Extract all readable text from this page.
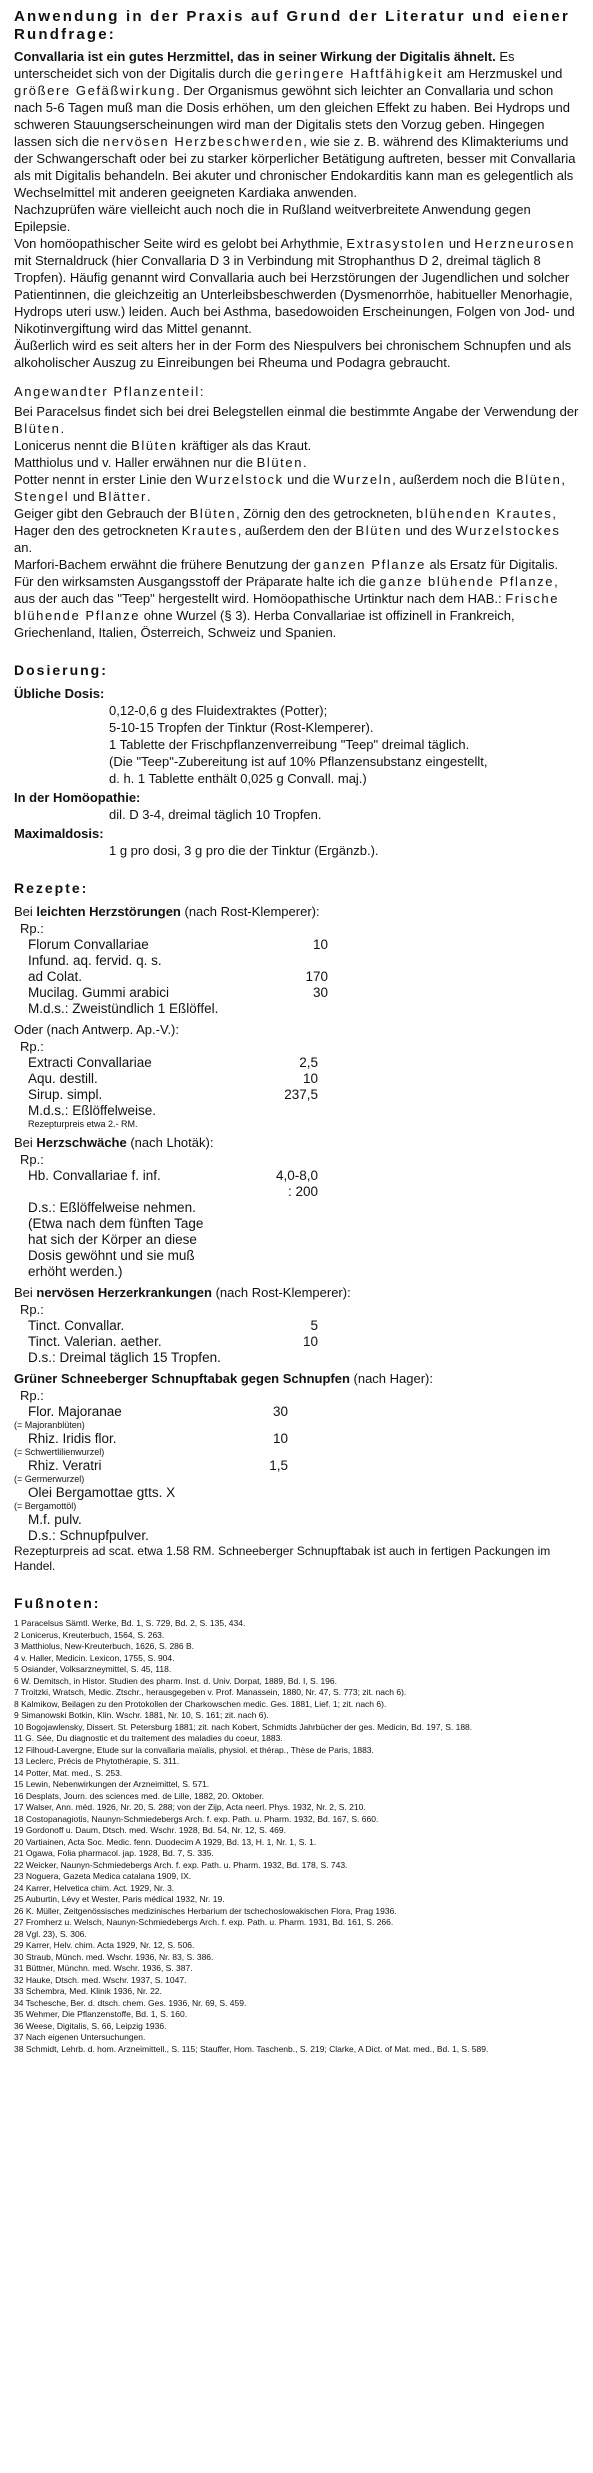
Anwendung in der Praxis auf Grund der Literatur und eiener Rundfrage:

Convallaria ist ein gutes Herzmittel, das in seiner Wirkung der Digitalis ähnelt. Es unterscheidet sich von der Digitalis durch die geringere Haftfähigkeit am Herzmuskel und größere Gefäßwirkung. Der Organismus gewöhnt sich leichter an Convallaria und schon nach 5-6 Tagen muß man die Dosis erhöhen, um den gleichen Effekt zu haben. Bei Hydrops und schweren Stauungserscheinungen wird man der Digitalis stets den Vorzug geben. Hingegen lassen sich die nervösen Herzbeschwerden, wie sie z. B. während des Klimakteriums und der Schwangerschaft oder bei zu starker körperlicher Betätigung auftreten, besser mit Convallaria als mit Digitalis behandeln. Bei akuter und chronischer Endokarditis kann man es gelegentlich als Wechselmittel mit anderen geeigneten Kardiaka anwenden.

Nachzuprüfen wäre vielleicht auch noch die in Rußland weitverbreitete Anwendung gegen Epilepsie.

Von homöopathischer Seite wird es gelobt bei Arhythmie, Extrasystolen und Herzneurosen mit Sternaldruck (hier Convallaria D 3 in Verbindung mit Strophanthus D 2, dreimal täglich 8 Tropfen). Häufig genannt wird Convallaria auch bei Herzstörungen der Jugendlichen und solcher Patientinnen, die gleichzeitig an Unterleibsbeschwerden (Dysmenorrhöe, habitueller Menorhagie, Hydrops uteri usw.) leiden. Auch bei Asthma, basedowoiden Erscheinungen, Folgen von Jod- und Nikotinvergiftung wird das Mittel genannt.

Äußerlich wird es seit alters her in der Form des Niespulvers bei chronischem Schnupfen und als alkoholischer Auszug zu Einreibungen bei Rheuma und Podagra gebraucht.

Angewandter Pflanzenteil:

Bei Paracelsus findet sich bei drei Belegstellen einmal die bestimmte Angabe der Verwendung der Blüten.

Lonicerus nennt die Blüten kräftiger als das Kraut.

Matthiolus und v. Haller erwähnen nur die Blüten.

Potter nennt in erster Linie den Wurzelstock und die Wurzeln, außerdem noch die Blüten, Stengel und Blätter.

Geiger gibt den Gebrauch der Blüten, Zörnig den des getrockneten, blühenden Krautes, Hager den des getrockneten Krautes, außerdem den der Blüten und des Wurzelstockes an.

Marfori-Bachem erwähnt die frühere Benutzung der ganzen Pflanze als Ersatz für Digitalis.

Für den wirksamsten Ausgangsstoff der Präparate halte ich die ganze blühende Pflanze, aus der auch das "Teep" hergestellt wird. Homöopathische Urtinktur nach dem HAB.: Frische blühende Pflanze ohne Wurzel (§ 3). Herba Convallariae ist offizinell in Frankreich, Griechenland, Italien, Österreich, Schweiz und Spanien.

Dosierung:

Übliche Dosis:

0,12-0,6 g des Fluidextraktes (Potter);

5-10-15 Tropfen der Tinktur (Rost-Klemperer).

1 Tablette der Frischpflanzenverreibung "Teep" dreimal täglich.

(Die "Teep"-Zubereitung ist auf 10% Pflanzensubstanz eingestellt,

d. h. 1 Tablette enthält 0,025 g Convall. maj.)

In der Homöopathie:

dil. D 3-4, dreimal täglich 10 Tropfen.

Maximaldosis:

1 g pro dosi, 3 g pro die der Tinktur (Ergänzb.).

Rezepte:

Bei leichten Herzstörungen (nach Rost-Klemperer):

Rp.:

Florum Convallariae	10
Infund. aq. fervid. q. s.	
ad Colat.	170
Mucilag. Gummi arabici	30
M.d.s.: Zweistündlich 1 Eßlöffel.	

Oder (nach Antwerp. Ap.-V.):

Rp.:

Extracti Convallariae	2,5
Aqu. destill.	10
Sirup. simpl.	237,5
M.d.s.: Eßlöffelweise.	

Rezepturpreis etwa 2.- RM.

Bei Herzschwäche (nach Lhotäk):

Rp.:

Hb. Convallariae f. inf.	4,0-8,0
	: 200
D.s.: Eßlöffelweise nehmen.	
(Etwa nach dem fünften Tage	
hat sich der Körper an diese	
Dosis gewöhnt und sie muß	
erhöht werden.)	

Bei nervösen Herzerkrankungen (nach Rost-Klemperer):

Rp.:

Tinct. Convallar.	5
Tinct. Valerian. aether.	10
D.s.: Dreimal täglich 15 Tropfen.	

Grüner Schneeberger Schnupftabak gegen Schnupfen (nach Hager):

Rp.:

Flor. Majoranae	30

(= Majoranblüten)

Rhiz. Iridis flor.	10

(= Schwertlilienwurzel)

Rhiz. Veratri	1,5

(= Germerwurzel)

Olei Bergamottae gtts. X

(= Bergamottöl)

M.f. pulv.
D.s.: Schnupfpulver.

Rezepturpreis ad scat. etwa 1.58 RM. Schneeberger Schnupftabak ist auch in fertigen Packungen im Handel.

Fußnoten:

1 Paracelsus Sämtl. Werke, Bd. 1, S. 729, Bd. 2, S. 135, 434.

2 Lonicerus, Kreuterbuch, 1564, S. 263.

3 Matthiolus, New-Kreuterbuch, 1626, S. 286 B.

4 v. Haller, Medicin. Lexicon, 1755, S. 904.

5 Osiander, Volksarzneymittel, S. 45, 118.

6 W. Demitsch, in Histor. Studien des pharm. Inst. d. Univ. Dorpat, 1889, Bd. I, S. 196.

7 Troitzki, Wratsch, Medic. Ztschr., herausgegeben v. Prof. Manassein, 1880, Nr. 47, S. 773; zit. nach 6).

8 Kalmikow, Beilagen zu den Protokollen der Charkowschen medic. Ges. 1881, Lief. 1; zit. nach 6).

9 Simanowski Botkin, Klin. Wschr. 1881, Nr. 10, S. 161; zit. nach 6).

10 Bogojawlensky, Dissert. St. Petersburg 1881; zit. nach Kobert, Schmidts Jahrbücher der ges. Medicin, Bd. 197, S. 188.

11 G. Sée, Du diagnostic et du traitement des maladies du coeur, 1883.

12 Filhoud-Lavergne, Etude sur la convallaria maïalis, physiol. et thérap., Thèse de Paris, 1883.

13 Leclerc, Précis de Phytothérapie, S. 311.

14 Potter, Mat. med., S. 253.

15 Lewin, Nebenwirkungen der Arzneimittel, S. 571.

16 Desplats, Journ. des sciences med. de Lille, 1882, 20. Oktober.

17 Walser, Ann. méd. 1926, Nr. 20, S. 288; von der Zijp, Acta neerl. Phys. 1932, Nr. 2, S. 210.

18 Costopanagiotis, Naunyn-Schmiedebergs Arch. f. exp. Path. u. Pharm. 1932, Bd. 167, S. 660.

19 Gordonoff u. Daum, Dtsch. med. Wschr. 1928, Bd. 54, Nr. 12, S. 469.

20 Vartiainen, Acta Soc. Medic. fenn. Duodecim A 1929, Bd. 13, H. 1, Nr. 1, S. 1.

21 Ogawa, Folia pharmacol. jap. 1928, Bd. 7, S. 335.

22 Weicker, Naunyn-Schmiedebergs Arch. f. exp. Path. u. Pharm. 1932, Bd. 178, S. 743.

23 Noguera, Gazeta Medica catalana 1909, IX.

24 Karrer, Helvetica chim. Act. 1929, Nr. 3.

25 Auburtin, Lévy et Wester, Paris médical 1932, Nr. 19.

26 K. Müller, Zeitgenössisches medizinisches Herbarium der tschechoslowakischen Flora, Prag 1936.

27 Fromherz u. Welsch, Naunyn-Schmiedebergs Arch. f. exp. Path. u. Pharm. 1931, Bd. 161, S. 266.

28 Vgl. 23), S. 306.

29 Karrer, Helv. chim. Acta 1929, Nr. 12, S. 506.

30 Straub, Münch. med. Wschr. 1936, Nr. 83, S. 386.

31 Büttner, Münchn. med. Wschr. 1936, S. 387.

32 Hauke, Dtsch. med. Wschr. 1937, S. 1047.

33 Schembra, Med. Klinik 1936, Nr. 22.

34 Tschesche, Ber. d. dtsch. chem. Ges. 1936, Nr. 69, S. 459.

35 Wehmer, Die Pflanzenstoffe, Bd. 1, S. 160.

36 Weese, Digitalis, S. 66, Leipzig 1936.

37 Nach eigenen Untersuchungen.

38 Schmidt, Lehrb. d. hom. Arzneimittell., S. 115; Stauffer, Hom. Taschenb., S. 219; Clarke, A Dict. of Mat. med., Bd. 1, S. 589.
